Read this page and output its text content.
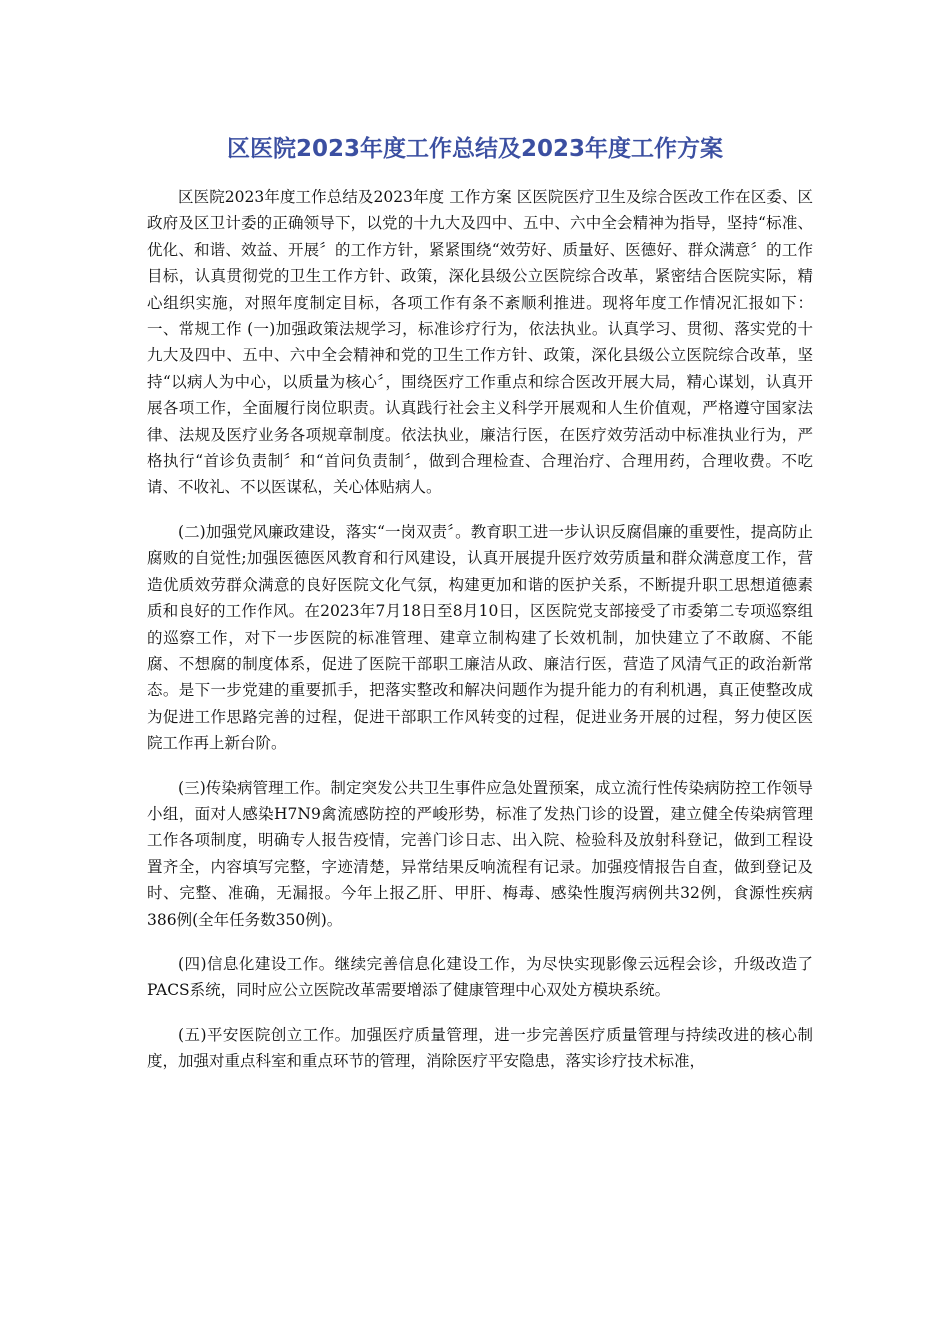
区医院2023年度工作总结及2023年度工作方案

区医院2023年度工作总结及2023年度 工作方案 区医院医疗卫生及综合医改工作在区委、区政府及区卫计委的正确领导下，以党的十九大及四中、五中、六中全会精神为指导，坚持“标准、优化、和谐、效益、开展〞的工作方针，紧紧围绕“效劳好、质量好、医德好、群众满意〞的工作目标，认真贯彻党的卫生工作方针、政策，深化县级公立医院综合改革，紧密结合医院实际，精心组织实施，对照年度制定目标，各项工作有条不紊顺利推进。现将年度工作情况汇报如下：一、常规工作 (一)加强政策法规学习，标准诊疗行为，依法执业。认真学习、贯彻、落实党的十九大及四中、五中、六中全会精神和党的卫生工作方针、政策，深化县级公立医院综合改革，坚持“以病人为中心，以质量为核心〞，围绕医疗工作重点和综合医改开展大局，精心谋划，认真开展各项工作，全面履行岗位职责。认真践行社会主义科学开展观和人生价值观，严格遵守国家法律、法规及医疗业务各项规章制度。依法执业，廉洁行医，在医疗效劳活动中标准执业行为，严格执行“首诊负责制〞和“首问负责制〞，做到合理检查、合理治疗、合理用药，合理收费。不吃请、不收礼、不以医谋私，关心体贴病人。

(二)加强党风廉政建设，落实“一岗双责〞。教育职工进一步认识反腐倡廉的重要性，提高防止腐败的自觉性;加强医德医风教育和行风建设，认真开展提升医疗效劳质量和群众满意度工作，营造优质效劳群众满意的良好医院文化气氛，构建更加和谐的医护关系，不断提升职工思想道德素质和良好的工作作风。在2023年7月18日至8月10日，区医院党支部接受了市委第二专项巡察组的巡察工作，对下一步医院的标准管理、建章立制构建了长效机制，加快建立了不敢腐、不能腐、不想腐的制度体系，促进了医院干部职工廉洁从政、廉洁行医，营造了风清气正的政治新常态。是下一步党建的重要抓手，把落实整改和解决问题作为提升能力的有利机遇，真正使整改成为促进工作思路完善的过程，促进干部职工作风转变的过程，促进业务开展的过程，努力使区医院工作再上新台阶。

(三)传染病管理工作。制定突发公共卫生事件应急处置预案，成立流行性传染病防控工作领导小组，面对人感染H7N9禽流感防控的严峻形势，标准了发热门诊的设置，建立健全传染病管理工作各项制度，明确专人报告疫情，完善门诊日志、出入院、检验科及放射科登记，做到工程设置齐全，内容填写完整，字迹清楚，异常结果反响流程有记录。加强疫情报告自查，做到登记及时、完整、准确，无漏报。今年上报乙肝、甲肝、梅毒、感染性腹泻病例共32例，食源性疾病386例(全年任务数350例)。

(四)信息化建设工作。继续完善信息化建设工作，为尽快实现影像云远程会诊，升级改造了PACS系统，同时应公立医院改革需要增添了健康管理中心双处方模块系统。

(五)平安医院创立工作。加强医疗质量管理，进一步完善医疗质量管理与持续改进的核心制度，加强对重点科室和重点环节的管理，消除医疗平安隐患，落实诊疗技术标准，
